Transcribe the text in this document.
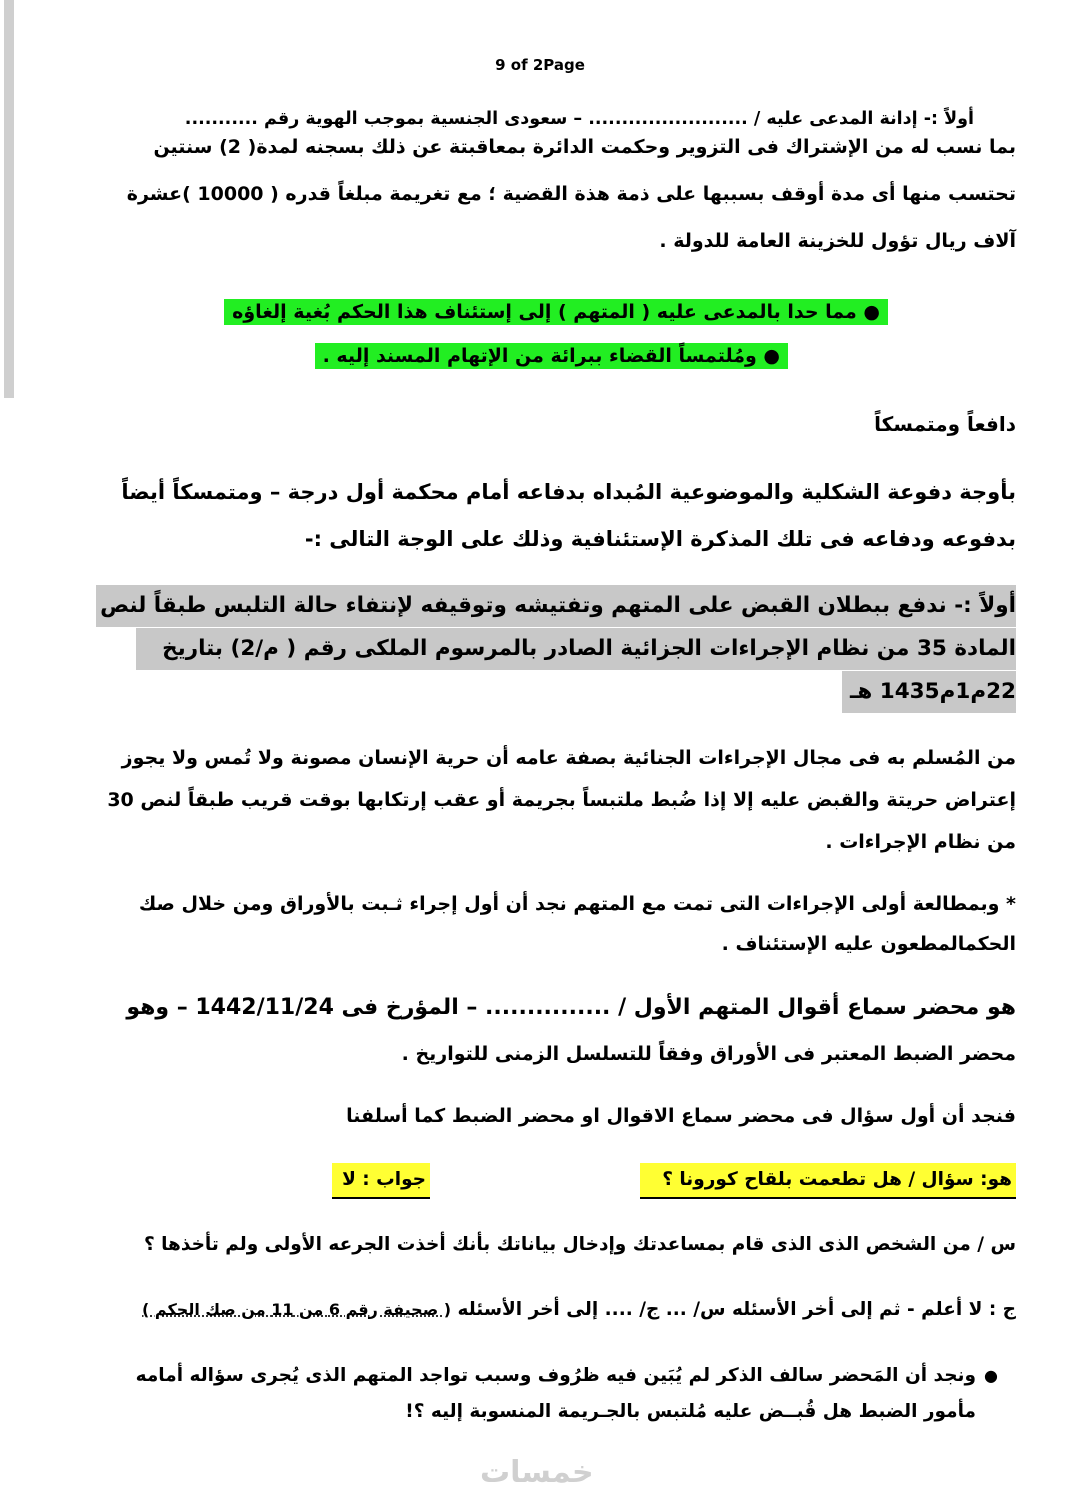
9 of 2Page
أولاً :- إدانة المدعى عليه / ........................ – سعودى الجنسية بموجب الهوية رقم ...........
بما نسب له من الإشتراك فى التزوير وحكمت الدائرة بمعاقبتة عن ذلك بسجنه لمدة( 2) سنتين
تحتسب منها أى مدة أوقف بسببها على ذمة هذة القضية ؛ مع تغريمة مبلغاً قدره ( 10000 )عشرة
آلاف ريال تؤول للخزينة العامة للدولة .
● مما حدا بالمدعى عليه ( المتهم ) إلى إستئناف هذا الحكم بُغية إلغاؤه
● ومُلتمساً القضاء ببرائة من الإتهام المسند إليه .
دافعاً ومتمسكاً
بأوجة دفوعة الشكلية والموضوعية المُبداه بدفاعه أمام محكمة أول درجة – ومتمسكاً أيضاً
بدفوعه ودفاعه فى تلك المذكرة الإستئنافية وذلك على الوجة التالى :-
أولاً :- ندفع ببطلان القبض على المتهم وتفتيشه وتوقيفه لإنتفاء حالة التلبس طبقاً لنص
المادة 35 من نظام الإجراءات الجزائية الصادر بالمرسوم الملكى رقم ( م/2) بتاريخ
22م1م1435 هـ
من المُسلم به فى مجال الإجراءات الجنائية بصفة عامه أن حرية الإنسان مصونة ولا تُمس ولا يجوز
إعتراض حريتة والقبض عليه إلا إذا ضُبط ملتبساً بجريمة أو عقب إرتكابها بوقت قريب طبقاً لنص 30
من نظام الإجراءات .
* وبمطالعة أولى الإجراءات التى تمت مع المتهم نجد أن أول إجراء ثـبت بالأوراق ومن خلال صك
الحكمالمطعون عليه الإستئناف .
هو محضر سماع أقوال المتهم الأول / ............... – المؤرخ فى 1442/11/24 – وهو
محضر الضبط المعتبر فى الأوراق وفقاً للتسلسل الزمنى للتواريخ .
فنجد أن أول سؤال فى محضر سماع الاقوال او محضر الضبط كما أسلفنا
هو: سؤال / هل تطعمت بلقاح كورونا ؟
جواب : لا
س / من الشخص الذى الذى قام بمساعدتك وإدخال بياناتك بأنك أخذت الجرعه الأولى ولم تأخذها ؟
ج : لا أعلم - ثم إلى أخر الأسئله س/ ... ج/ .... إلى أخر الأسئله ( صحيفة رقم 6 من 11 من صك الحكم )
ونجد أن المَحضر سالف الذكر لم يُبَين فيه ظرُوف وسبب تواجد المتهم الذى يُجرى سؤاله أمامه ●
مأمور الضبط هل قُبــض عليه مُلتبس بالجـريمة المنسوبة إليه ؟!
خمسات
